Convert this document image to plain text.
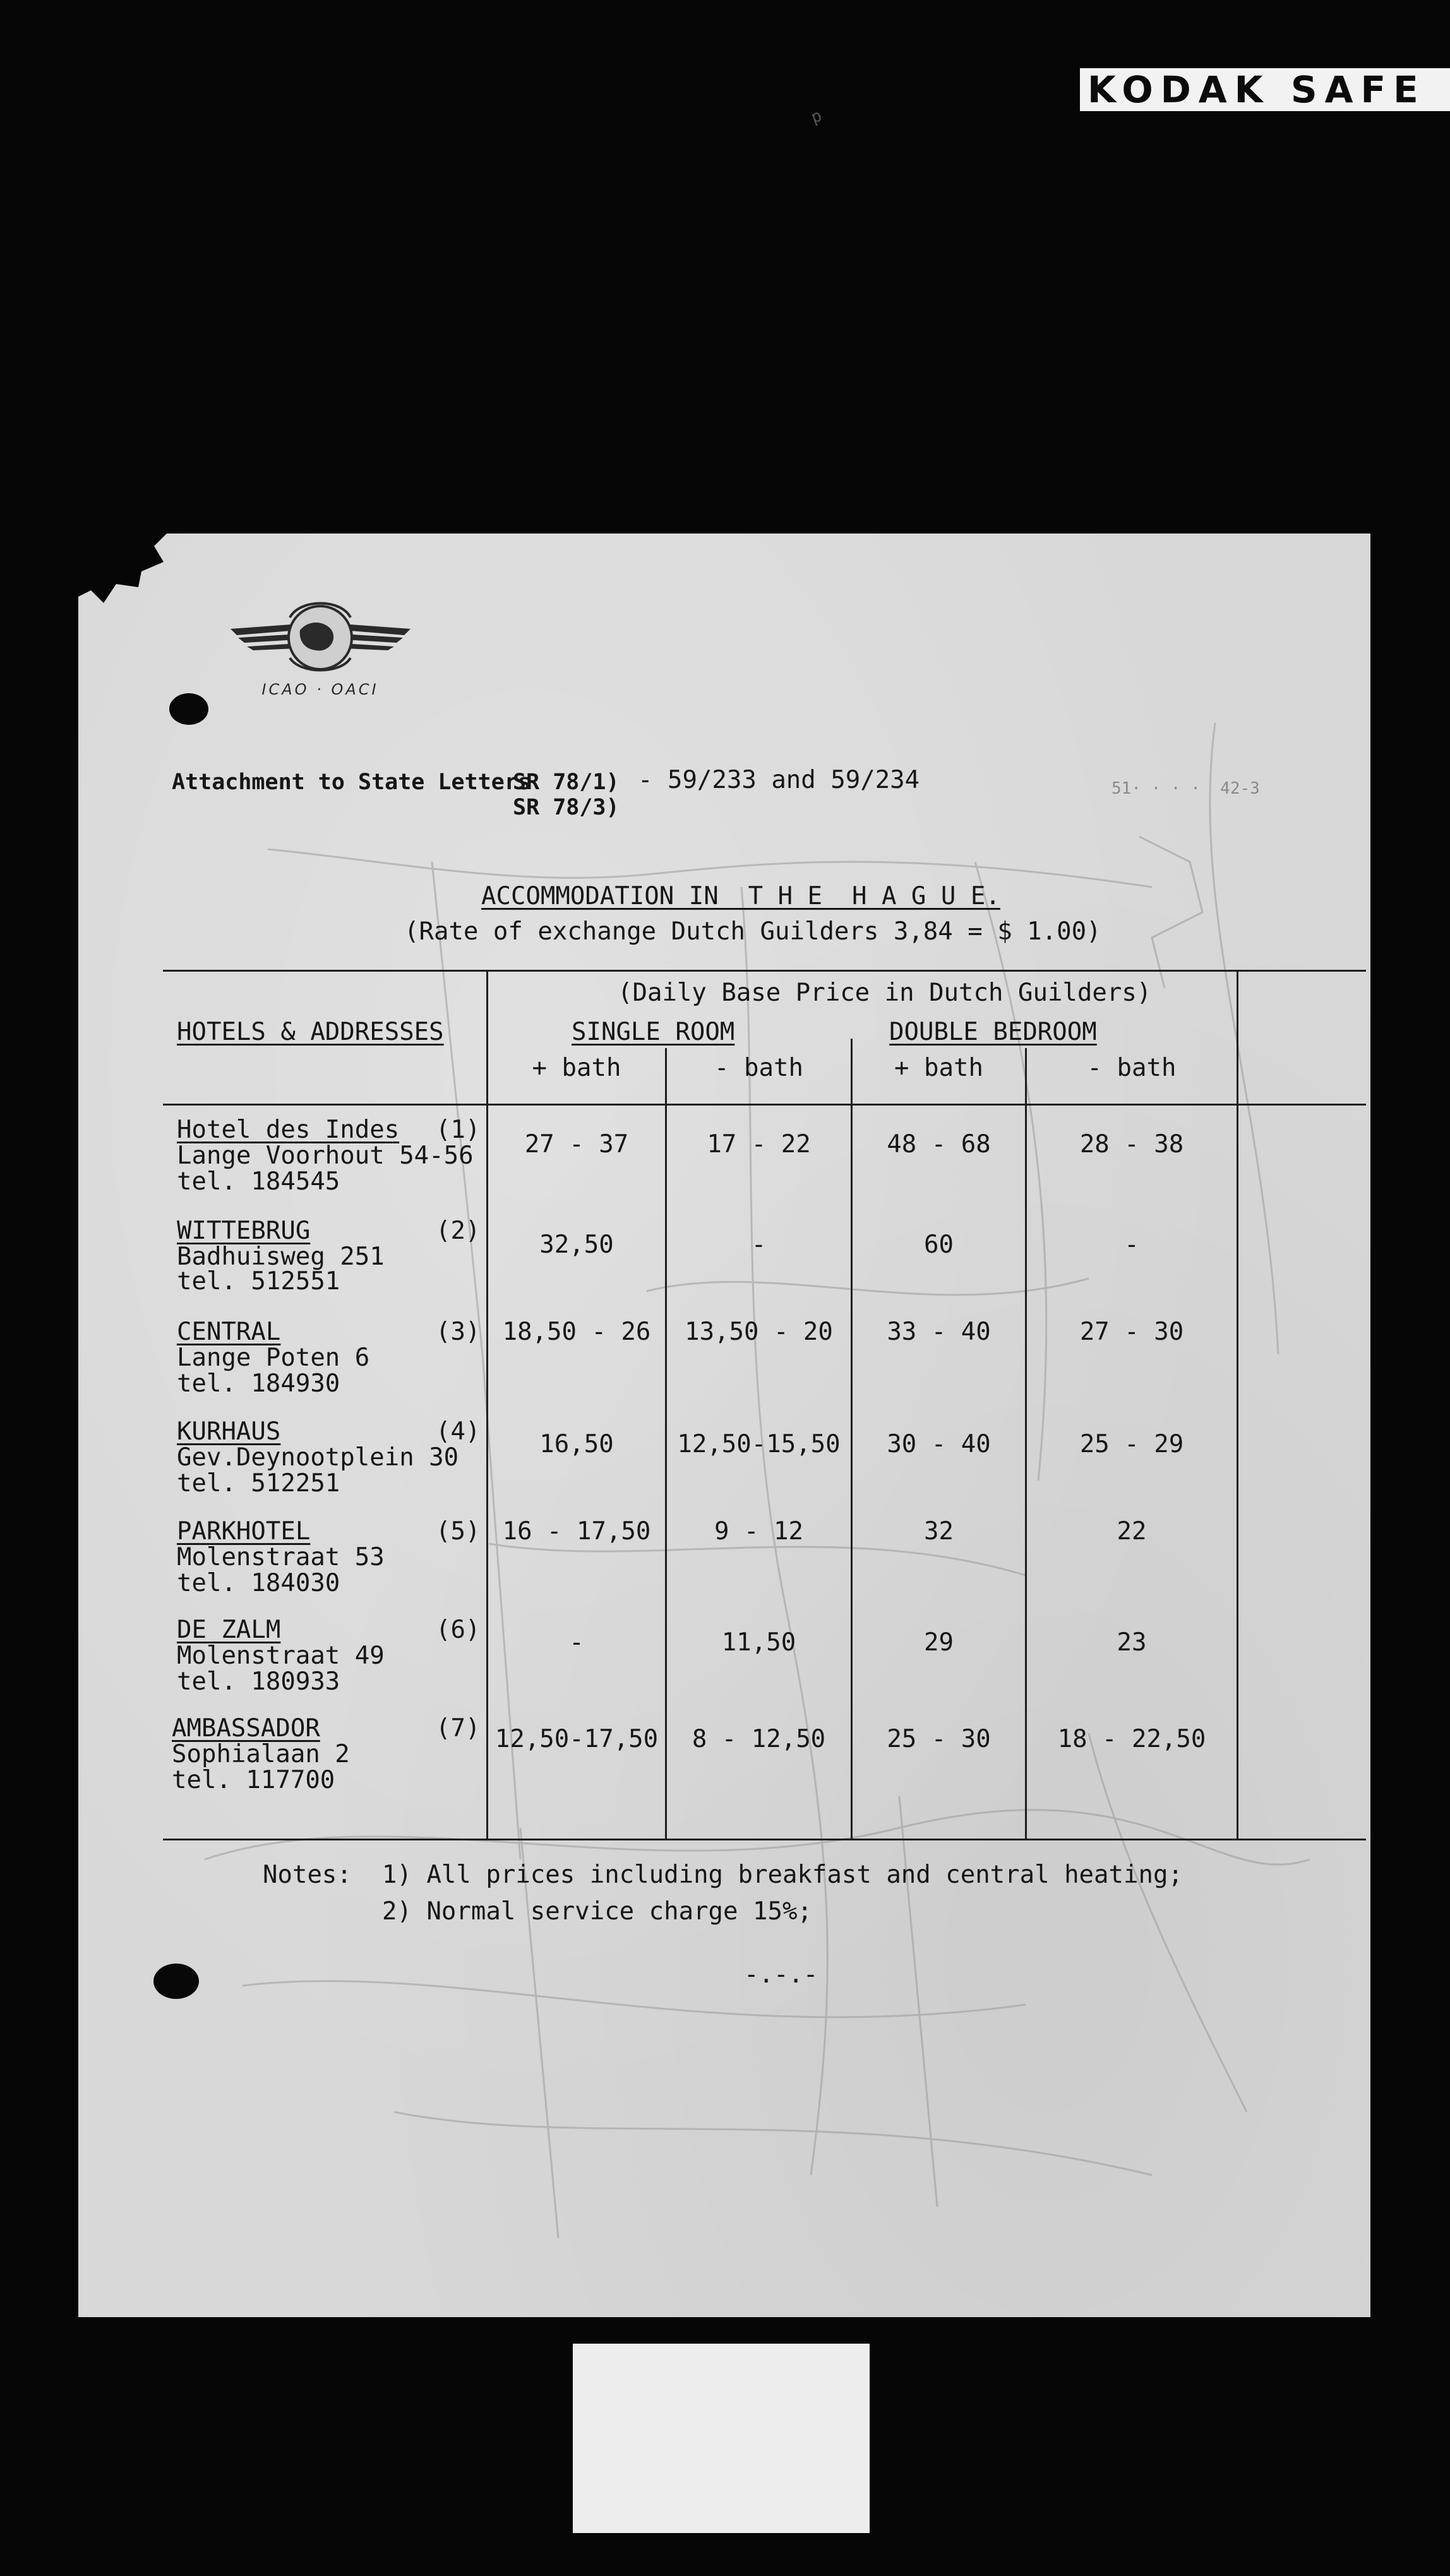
KODAK SAFE
p
ICAO · OACI
Attachment to State Letters
SR 78/1) - 59/233 and 59/234
SR 78/3)
51· · · ·  42-3
ACCOMMODATION IN  T H E  H A G U E.
(Rate of exchange Dutch Guilders 3,84 = $ 1.00)
HOTELS & ADDRESSES
(Daily Base Price in Dutch Guilders)
SINGLE ROOM	DOUBLE BEDROOM
+ bath	- bath	+ bath	- bath
Hotel des Indes (1)
Lange Voorhout 54-56
tel. 184545
27 - 37	17 - 22	48 - 68	28 - 38
WITTEBRUG	(2)
Badhuisweg 251
tel. 512551
32,50	-	60	-
CENTRAL	(3)
Lange Poten 6
tel. 184930
18,50 - 26	13,50 - 20	33 - 40	27 - 30
KURHAUS	(4)
Gev.Deynootplein 30
tel. 512251
16,50	12,50-15,50	30 - 40	25 - 29
PARKHOTEL	(5)
Molenstraat 53
tel. 184030
16 - 17,50	9 - 12	32	22
DE ZALM	(6)
Molenstraat 49
tel. 180933
-	11,50	29	23
AMBASSADOR	(7)
Sophialaan 2
tel. 117700
12,50-17,50	8 - 12,50	25 - 30	18 - 22,50
Notes: 1) All prices including breakfast and central heating;
2) Normal service charge 15%;
-.-.-
